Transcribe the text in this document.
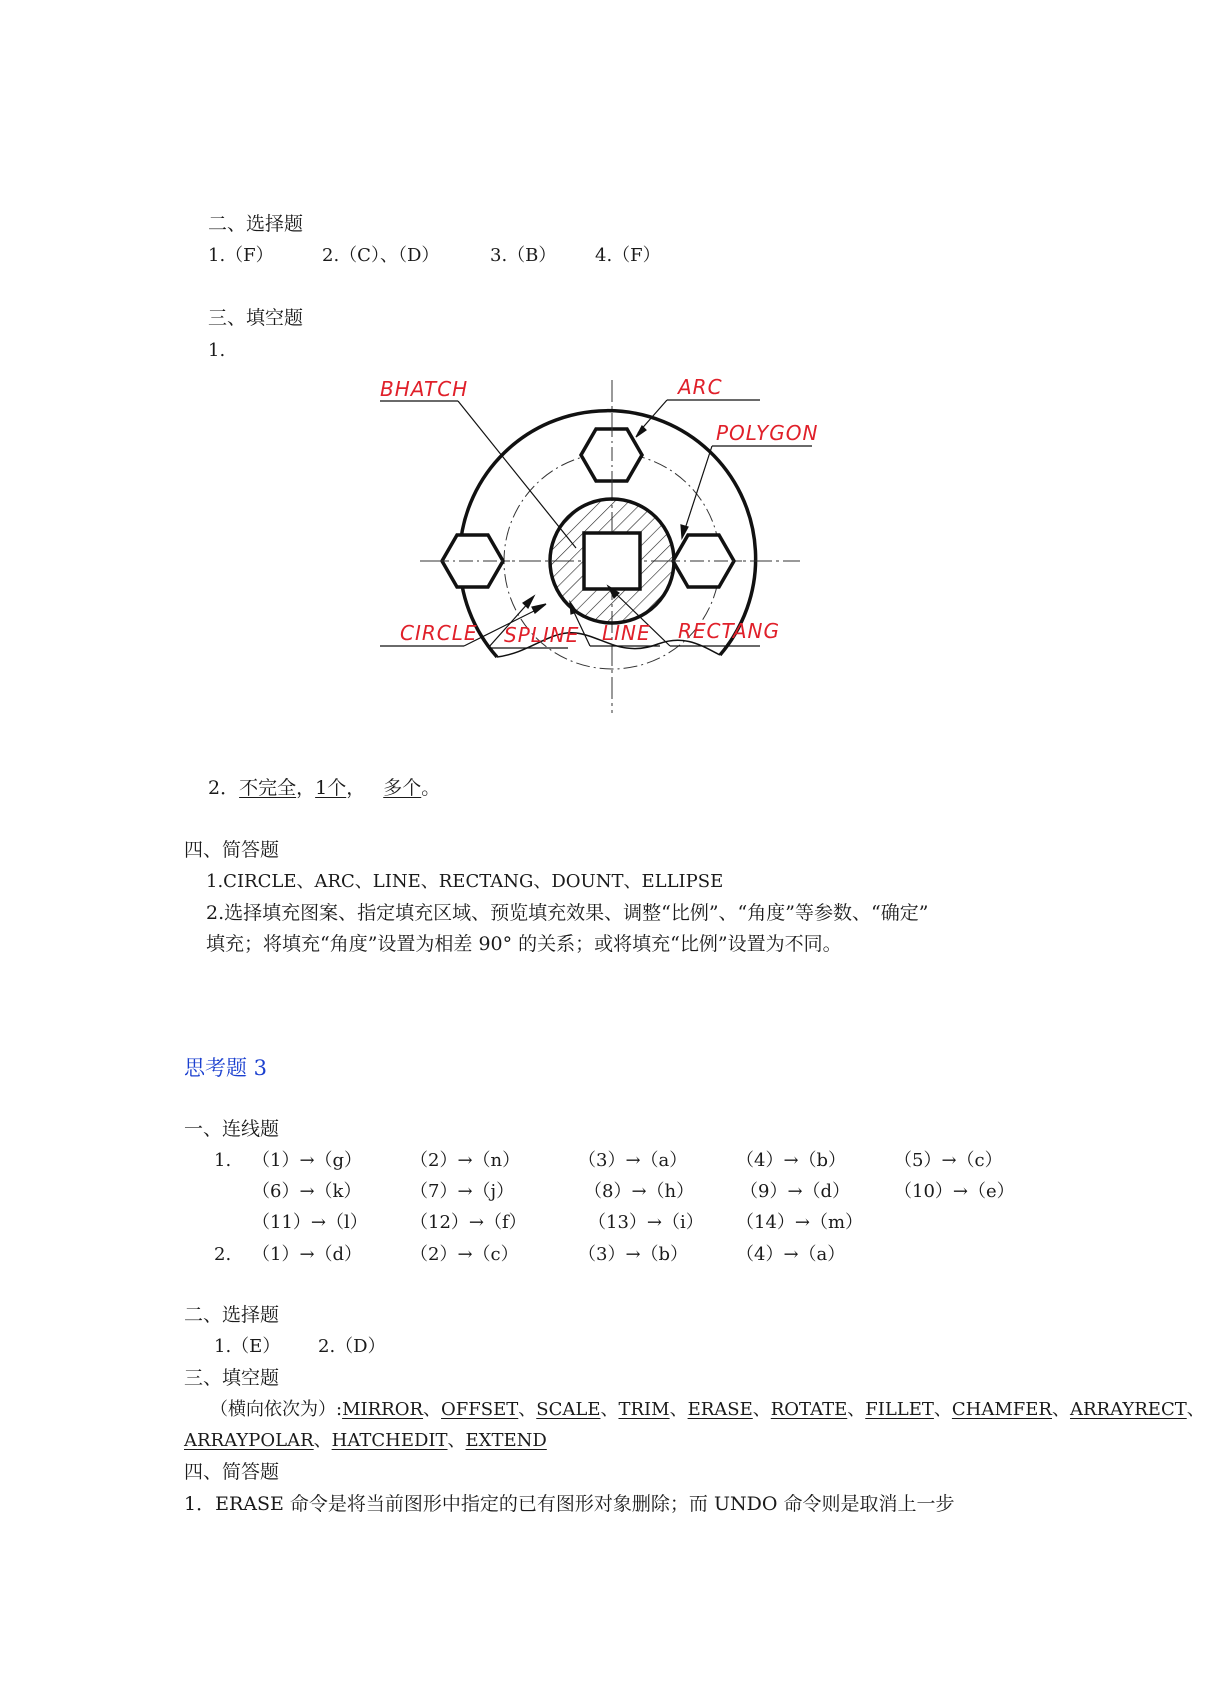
二、选择题
1.（F）	2.（C）、（D）	3.（B） 4.（F）
三、填空题
1.
BHATCH	ARC
POLYGON
CIRCLE SPLINE LINE RECTANG
2．不完全，1个， 多个。
四、简答题
1.CIRCLE、ARC、LINE、RECTANG、DOUNT、ELLIPSE
2.选择填充图案、指定填充区域、预览填充效果、调整“比例”、“角度”等参数、“确定”
填充；将填充“角度”设置为相差 90° 的关系；或将填充“比例”设置为不同。
思考题 3
一、连线题
1. （1）→（g）	（2）→（n）	（3）→（a）	（4）→（b）	（5）→（c）
（6）→（k）	（7）→（j）	（8）→（h）	（9）→（d） （10）→（e）
（11）→（l） （12）→（f）	（13）→（i） （14）→（m）
2. （1）→（d）	（2）→（c）	（3）→（b）	（4）→（a）
二、选择题
1.（E） 2.（D）
三、填空题
（横向依次为）:MIRROR、OFFSET、SCALE、TRIM、ERASE、ROTATE、FILLET、CHAMFER、ARRAYRECT、
ARRAYPOLAR、HATCHEDIT、EXTEND
四、简答题
1．ERASE 命令是将当前图形中指定的已有图形对象删除；而 UNDO 命令则是取消上一步
